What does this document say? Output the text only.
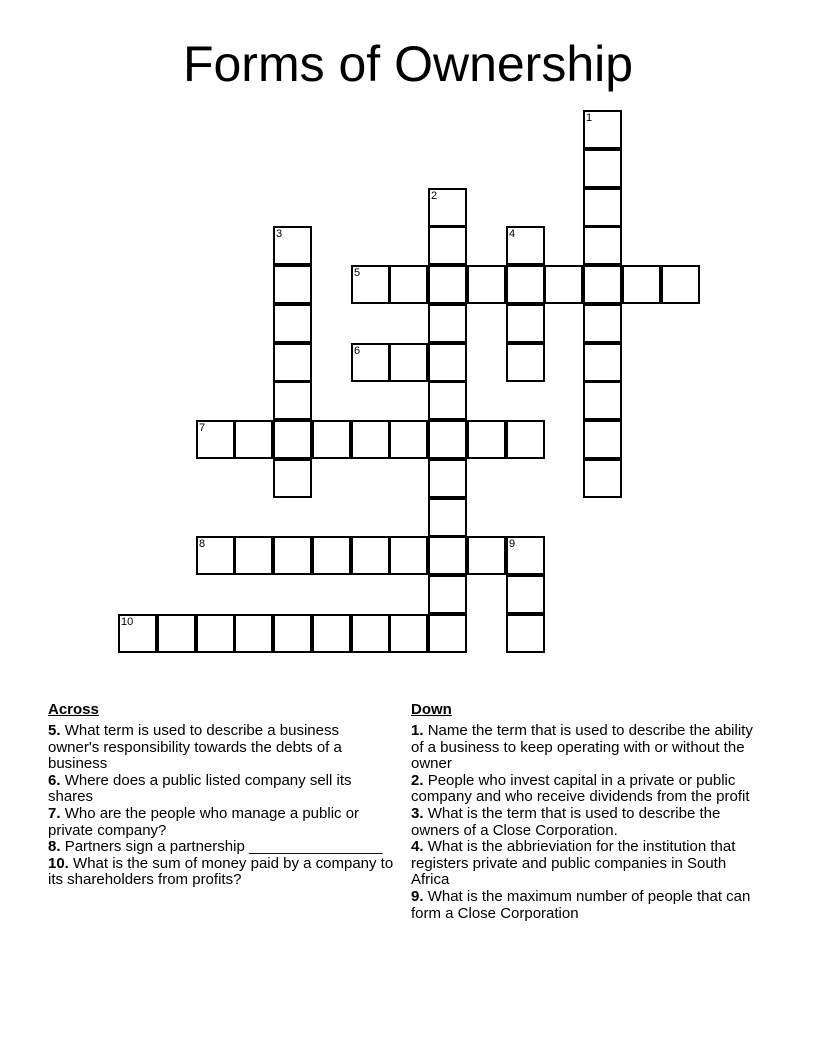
Forms of Ownership
1
2
3	4
5
6
7
8	9
10
Across

5. What term is used to describe a business owner's responsibility towards the debts of a business

6. Where does a public listed company sell its shares

7. Who are the people who manage a public or private company?

8. Partners sign a partnership ________________

10. What is the sum of money paid by a company to its shareholders from profits?

Down

1. Name the term that is used to describe the ability of a business to keep operating with or without the owner

2. People who invest capital in a private or public company and who receive dividends from the profit

3. What is the term that is used to describe the owners of a Close Corporation.

4. What is the abbrieviation for the institution that registers private and public companies in South Africa

9. What is the maximum number of people that can form a Close Corporation
